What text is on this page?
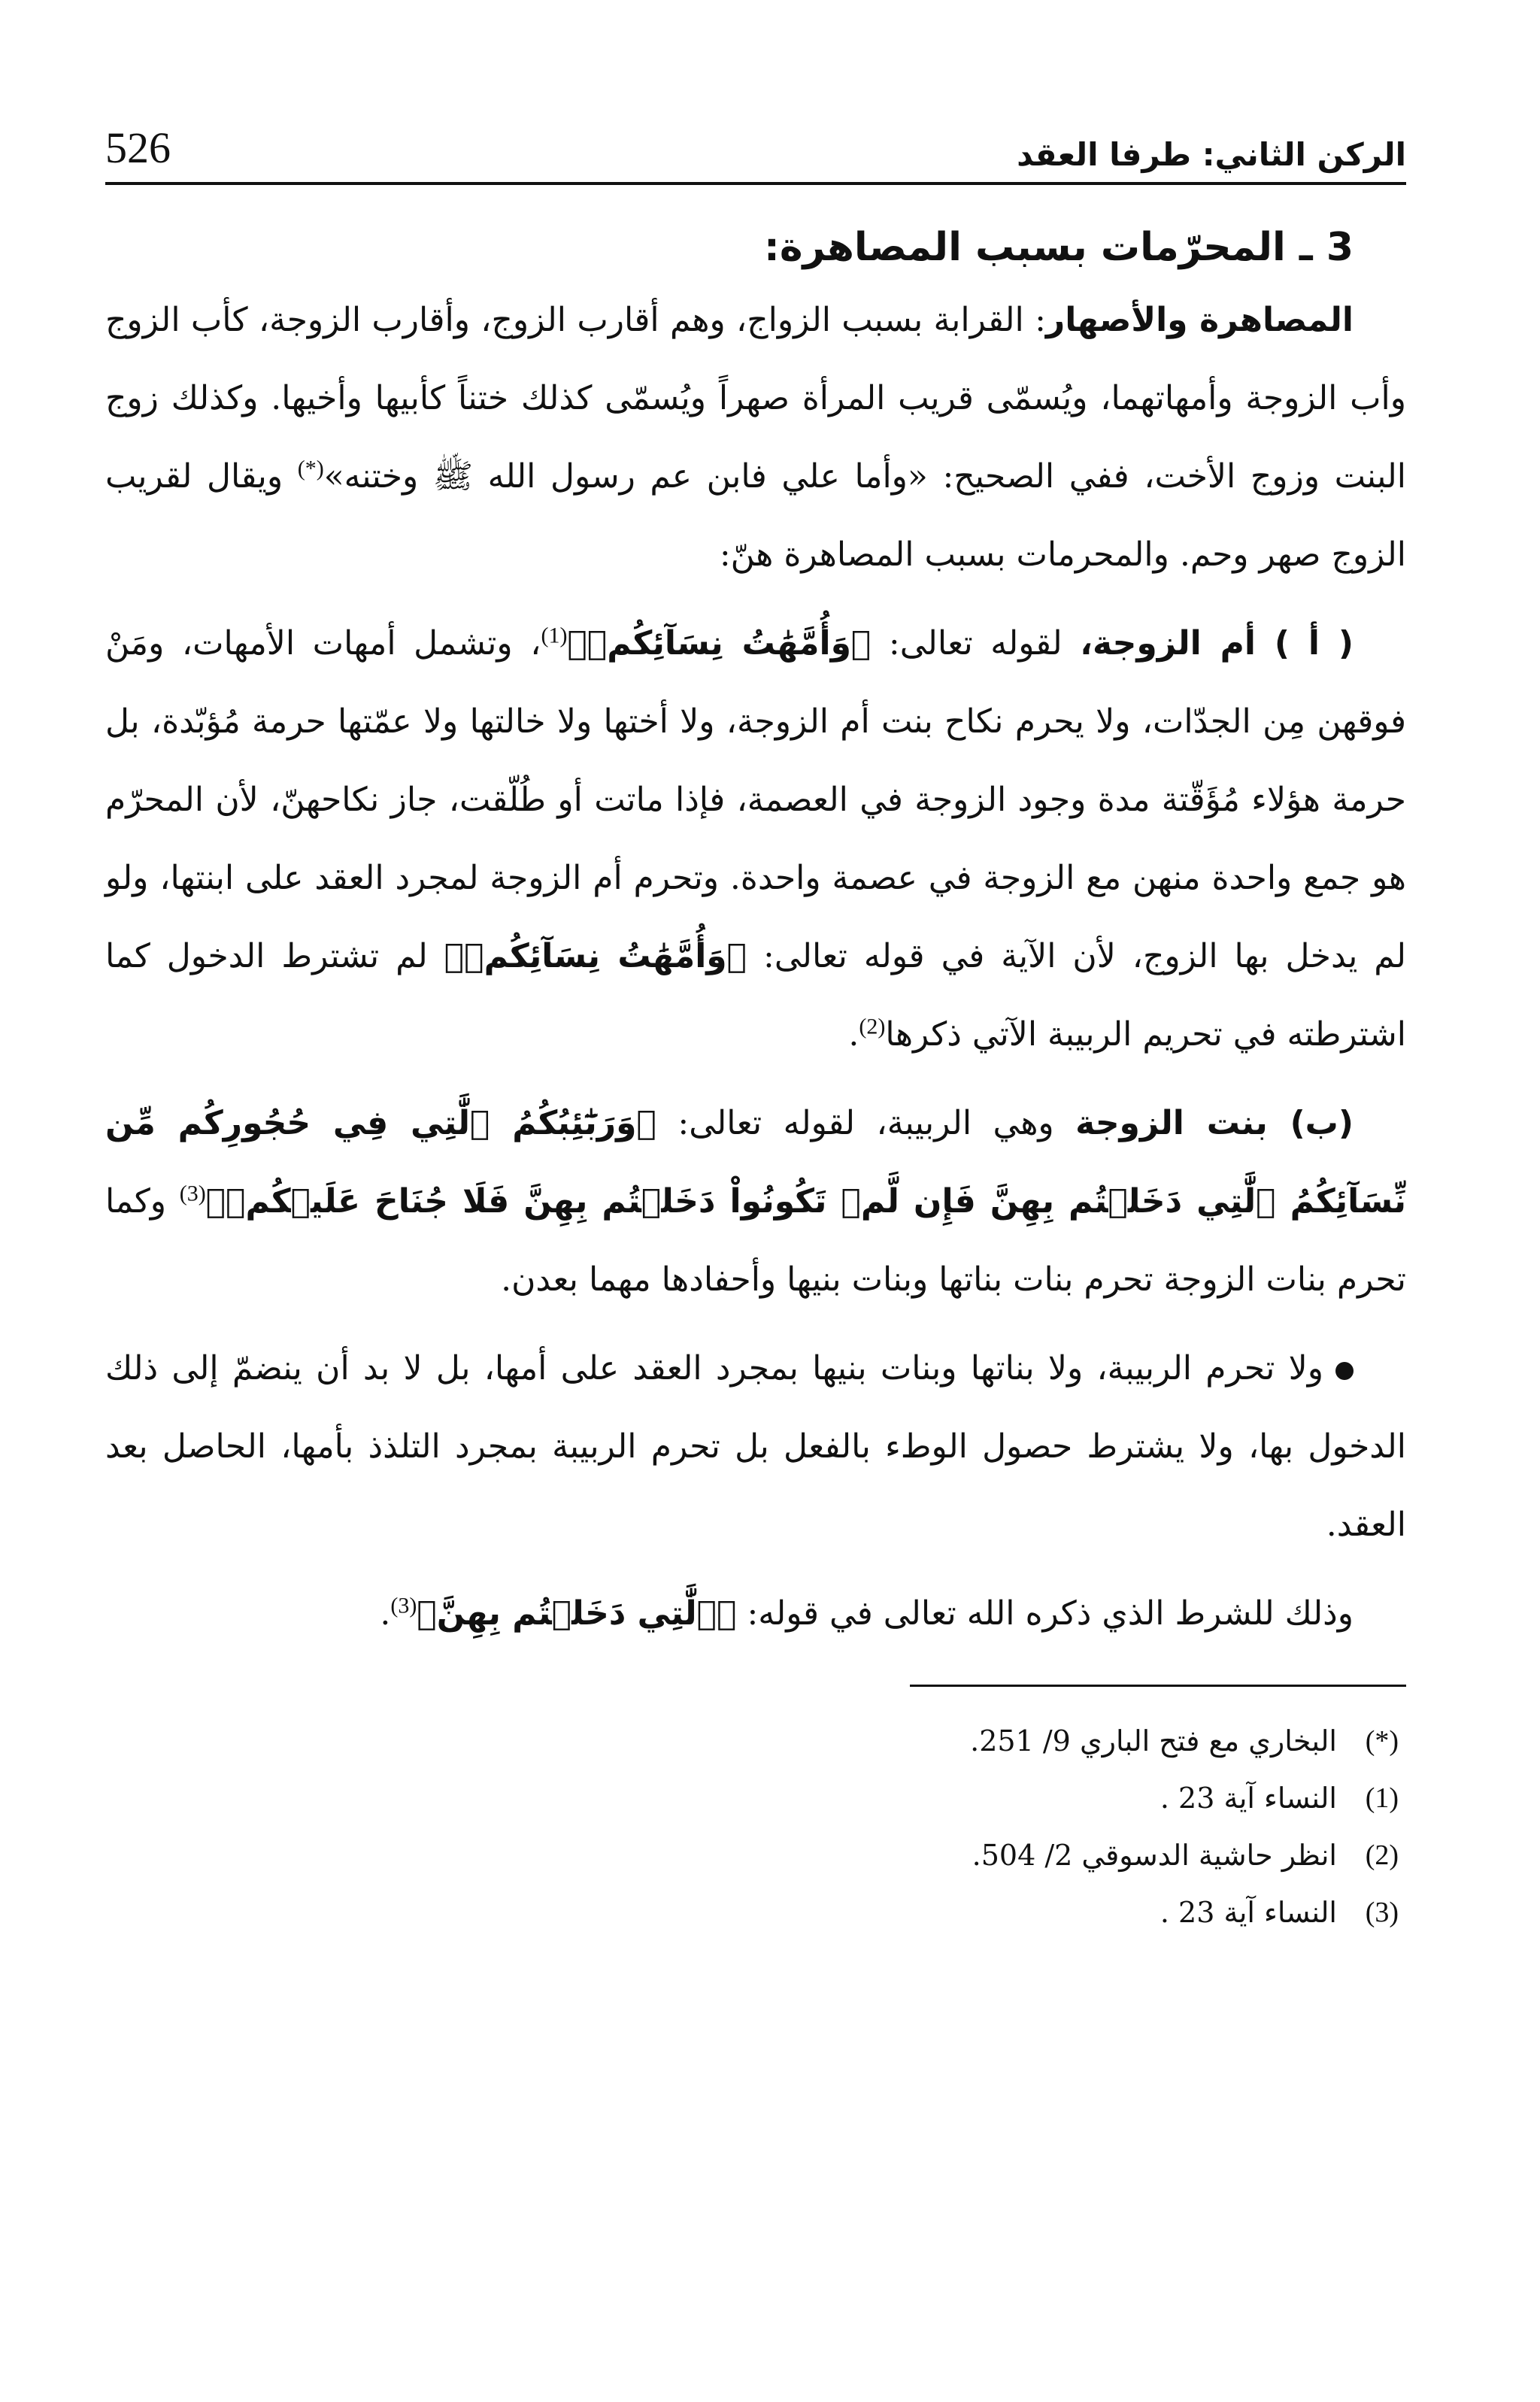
الركن الثاني: طرفا العقد
526
3 ـ المحرّمات بسبب المصاهرة:

المصاهرة والأصهار: القرابة بسبب الزواج، وهم أقارب الزوج، وأقارب الزوجة، كأب الزوج وأب الزوجة وأمهاتهما، ويُسمّى قريب المرأة صهراً ويُسمّى كذلك ختناً كأبيها وأخيها. وكذلك زوج البنت وزوج الأخت، ففي الصحيح: «وأما علي فابن عم رسول الله ﷺ وختنه»(*) ويقال لقريب الزوج صهر وحم. والمحرمات بسبب المصاهرة هنّ:

( أ ) أم الزوجة، لقوله تعالى: ﴿وَأُمَّهَٰتُ نِسَآئِكُمۡ﴾$^{(1)}$، وتشمل أمهات الأمهات، ومَنْ فوقهن مِن الجدّات، ولا يحرم نكاح بنت أم الزوجة، ولا أختها ولا خالتها ولا عمّتها حرمة مُؤبّدة، بل حرمة هؤلاء مُؤَقّتة مدة وجود الزوجة في العصمة، فإذا ماتت أو طُلّقت، جاز نكاحهنّ، لأن المحرّم هو جمع واحدة منهن مع الزوجة في عصمة واحدة. وتحرم أم الزوجة لمجرد العقد على ابنتها، ولو لم يدخل بها الزوج، لأن الآية في قوله تعالى: ﴿وَأُمَّهَٰتُ نِسَآئِكُمۡ﴾ لم تشترط الدخول كما اشترطته في تحريم الربيبة الآتي ذكرها$^{(2)}$.

(ب) بنت الزوجة وهي الربيبة، لقوله تعالى: ﴿وَرَبَٰٓئِبُكُمُ ٱلَّٰتِي فِي حُجُورِكُم مِّن نِّسَآئِكُمُ ٱلَّٰتِي دَخَلۡتُم بِهِنَّ فَإِن لَّمۡ تَكُونُواْ دَخَلۡتُم بِهِنَّ فَلَا جُنَاحَ عَلَيۡكُمۡ﴾$^{(3)}$ وكما تحرم بنات الزوجة تحرم بنات بناتها وبنات بنيها وأحفادها مهما بعدن.

ولا تحرم الربيبة، ولا بناتها وبنات بنيها بمجرد العقد على أمها، بل لا بد أن ينضمّ إلى ذلك الدخول بها، ولا يشترط حصول الوطء بالفعل بل تحرم الربيبة بمجرد التلذذ بأمها، الحاصل بعد العقد.

وذلك للشرط الذي ذكره الله تعالى في قوله: ﴿ٱلَّٰتِي دَخَلۡتُم بِهِنَّ﴾$^{(3)}$.

(*)
البخاري مع فتح الباري 9/ 251.
(1)
النساء آية 23 .
(2)
انظر حاشية الدسوقي 2/ 504.
(3)
النساء آية 23 .
